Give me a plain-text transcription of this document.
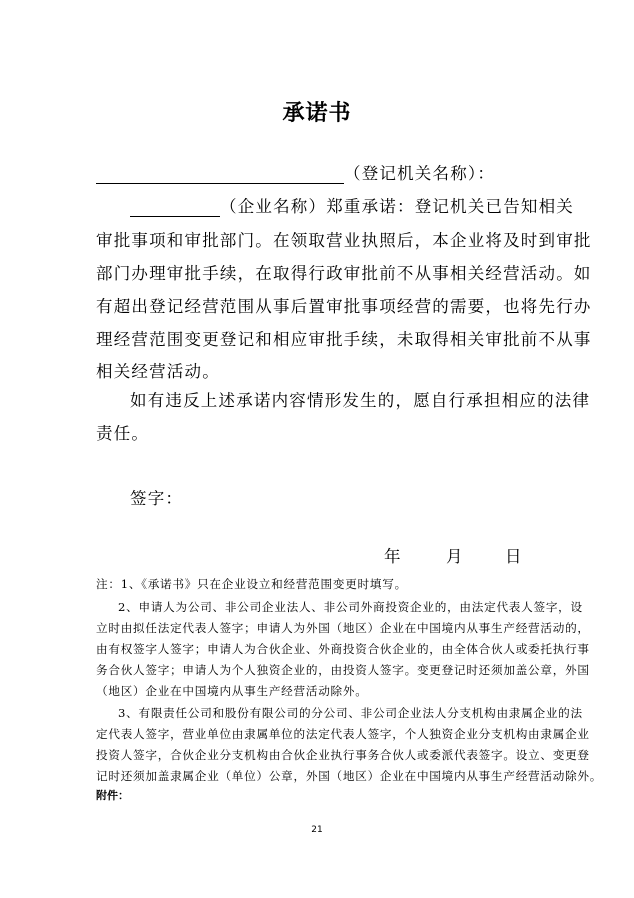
承诺书
（登记机关名称）：
（企业名称）郑重承诺：登记机关已告知相关
审批事项和审批部门。在领取营业执照后，本企业将及时到审批
部门办理审批手续，在取得行政审批前不从事相关经营活动。如
有超出登记经营范围从事后置审批事项经营的需要，也将先行办
理经营范围变更登记和相应审批手续，未取得相关审批前不从事
相关经营活动。
如有违反上述承诺内容情形发生的，愿自行承担相应的法律
责任。
签字：
年	月	日
注：1、《承诺书》只在企业设立和经营范围变更时填写。
2、申请人为公司、非公司企业法人、非公司外商投资企业的，由法定代表人签字，设
立时由拟任法定代表人签字；申请人为外国（地区）企业在中国境内从事生产经营活动的，
由有权签字人签字；申请人为合伙企业、外商投资合伙企业的，由全体合伙人或委托执行事
务合伙人签字；申请人为个人独资企业的，由投资人签字。变更登记时还须加盖公章，外国
（地区）企业在中国境内从事生产经营活动除外。
3、有限责任公司和股份有限公司的分公司、非公司企业法人分支机构由隶属企业的法
定代表人签字，营业单位由隶属单位的法定代表人签字，个人独资企业分支机构由隶属企业
投资人签字，合伙企业分支机构由合伙企业执行事务合伙人或委派代表签字。设立、变更登
记时还须加盖隶属企业（单位）公章，外国（地区）企业在中国境内从事生产经营活动除外。
附件：
21
